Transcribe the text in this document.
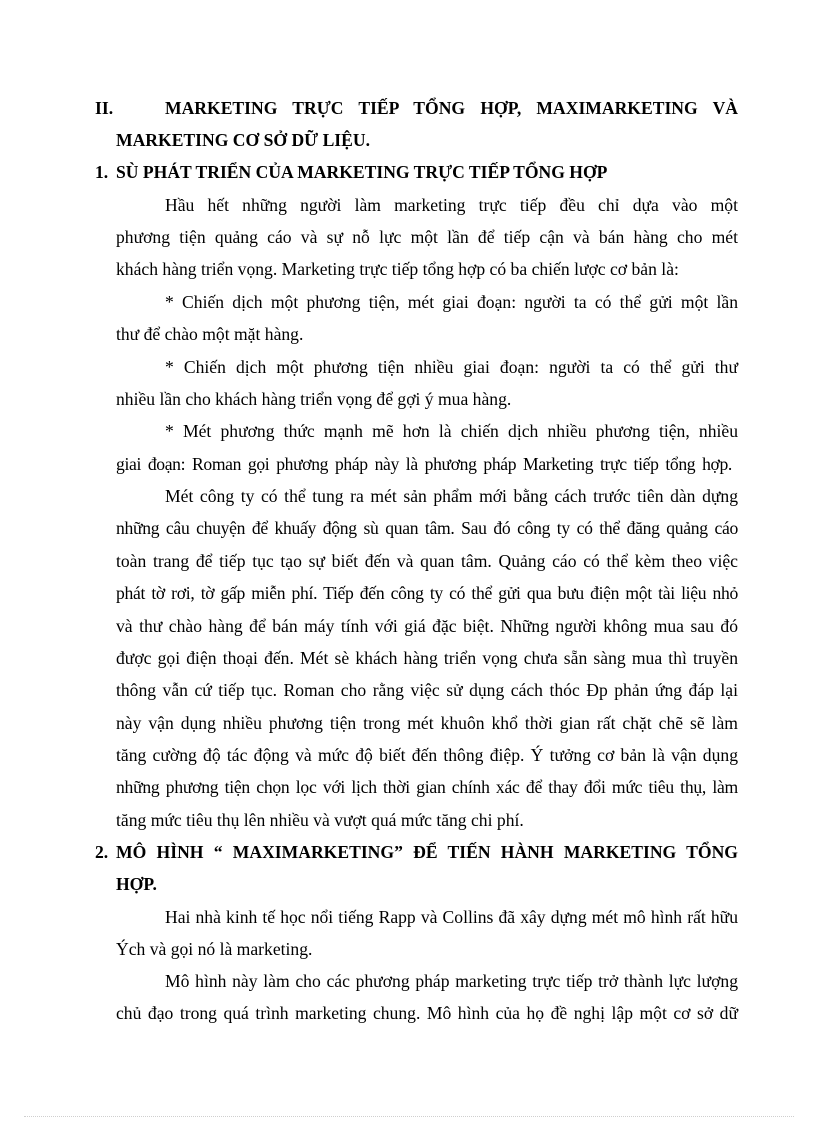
II.	MARKETING TRỰC TIẾP TỔNG HỢP, MAXIMARKETING VÀ
MARKETING CƠ SỞ DỮ LIỆU.
1. SÙ PHÁT TRIỂN CỦA MARKETING TRỰC TIẾP TỔNG HỢP
Hầu hết những người làm marketing trực tiếp đều chỉ dựa vào một
phương tiện quảng cáo và sự nỗ lực một lần để tiếp cận và bán hàng cho mét
khách hàng triển vọng. Marketing trực tiếp tổng hợp có ba chiến lược cơ bản là:
* Chiến dịch một phương tiện, mét giai đoạn: người ta có thể gửi một lần
thư để chào một mặt hàng.
* Chiến dịch một phương tiện nhiều giai đoạn: người ta có thể gửi thư
nhiều lần cho khách hàng triển vọng để gợi ý mua hàng.
* Mét phương thức mạnh mẽ hơn là chiến dịch nhiều phương tiện, nhiều
giai đoạn: Roman gọi phương pháp này là phương pháp Marketing trực tiếp tổng hợp.
Mét công ty có thể tung ra mét sản phẩm mới bằng cách trước tiên dàn dựng
những câu chuyện để khuấy động sù quan tâm. Sau đó công ty có thể đăng quảng cáo
toàn trang để tiếp tục tạo sự biết đến và quan tâm. Quảng cáo có thể kèm theo việc
phát tờ rơi, tờ gấp miễn phí. Tiếp đến công ty có thể gửi qua bưu điện một tài liệu nhỏ
và thư chào hàng để bán máy tính với giá đặc biệt. Những người không mua sau đó
được gọi điện thoại đến. Mét sè khách hàng triển vọng chưa sẵn sàng mua thì truyền
thông vẫn cứ tiếp tục. Roman cho rằng việc sử dụng cách thóc Đp phản ứng đáp lại
này vận dụng nhiều phương tiện trong mét khuôn khổ thời gian rất chặt chẽ sẽ làm
tăng cường độ tác động và mức độ biết đến thông điệp. Ý tưởng cơ bản là vận dụng
những phương tiện chọn lọc với lịch thời gian chính xác để thay đổi mức tiêu thụ, làm
tăng mức tiêu thụ lên nhiều và vượt quá mức tăng chi phí.
2. MÔ HÌNH “ MAXIMARKETING” ĐỂ TIẾN HÀNH MARKETING TỔNG
HỢP.
Hai nhà kinh tế học nổi tiếng Rapp và Collins đã xây dựng mét mô hình rất hữu
Ých và gọi nó là marketing.
Mô hình này làm cho các phương pháp marketing trực tiếp trở thành lực lượng
chủ đạo trong quá trình marketing chung. Mô hình của họ đề nghị lập một cơ sở dữ
